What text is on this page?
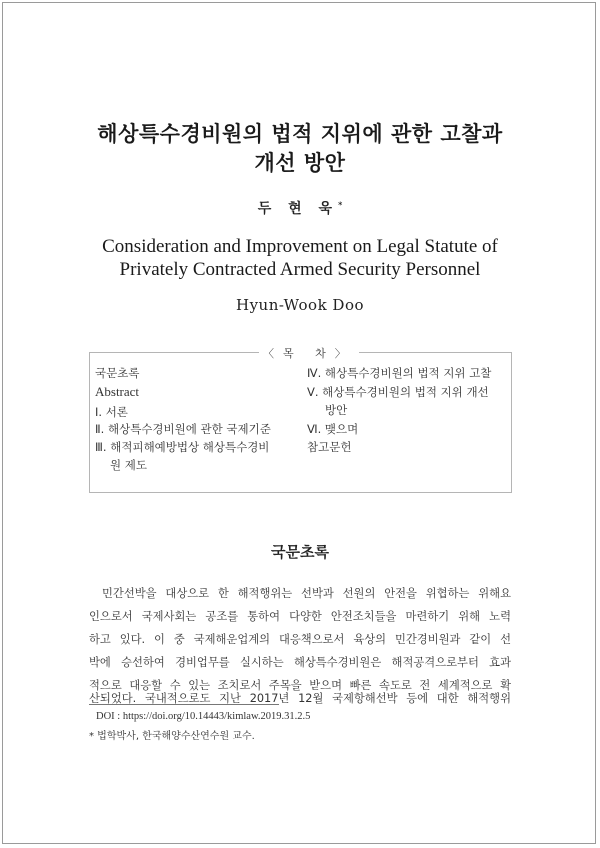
해상특수경비원의 법적 지위에 관한 고찰과
개선 방안
두 현 욱*
Consideration and Improvement on Legal Statute of
Privately Contracted Armed Security Personnel
Hyun-Wook Doo
〈목 차〉
국문초록
Abstract
Ⅰ. 서론
Ⅱ. 해상특수경비원에 관한 국제기준
Ⅲ. 해적피해예방법상 해상특수경비
원 제도
Ⅳ. 해상특수경비원의 법적 지위 고찰
Ⅴ. 해상특수경비원의 법적 지위 개선
방안
Ⅵ. 맺으며
참고문헌
국문초록
민간선박을 대상으로 한 해적행위는 선박과 선원의 안전을 위협하는 위해요
인으로서 국제사회는 공조를 통하여 다양한 안전조치들을 마련하기 위해 노력
하고 있다. 이 중 국제해운업계의 대응책으로서 육상의 민간경비원과 같이 선
박에 승선하여 경비업무를 실시하는 해상특수경비원은 해적공격으로부터 효과
적으로 대응할 수 있는 조치로서 주목을 받으며 빠른 속도로 전 세계적으로 확
산되었다. 국내적으로도 지난 2017년 12월 국제항해선박 등에 대한 해적행위
DOI : https://doi.org/10.14443/kimlaw.2019.31.2.5
* 법학박사, 한국해양수산연수원 교수.
